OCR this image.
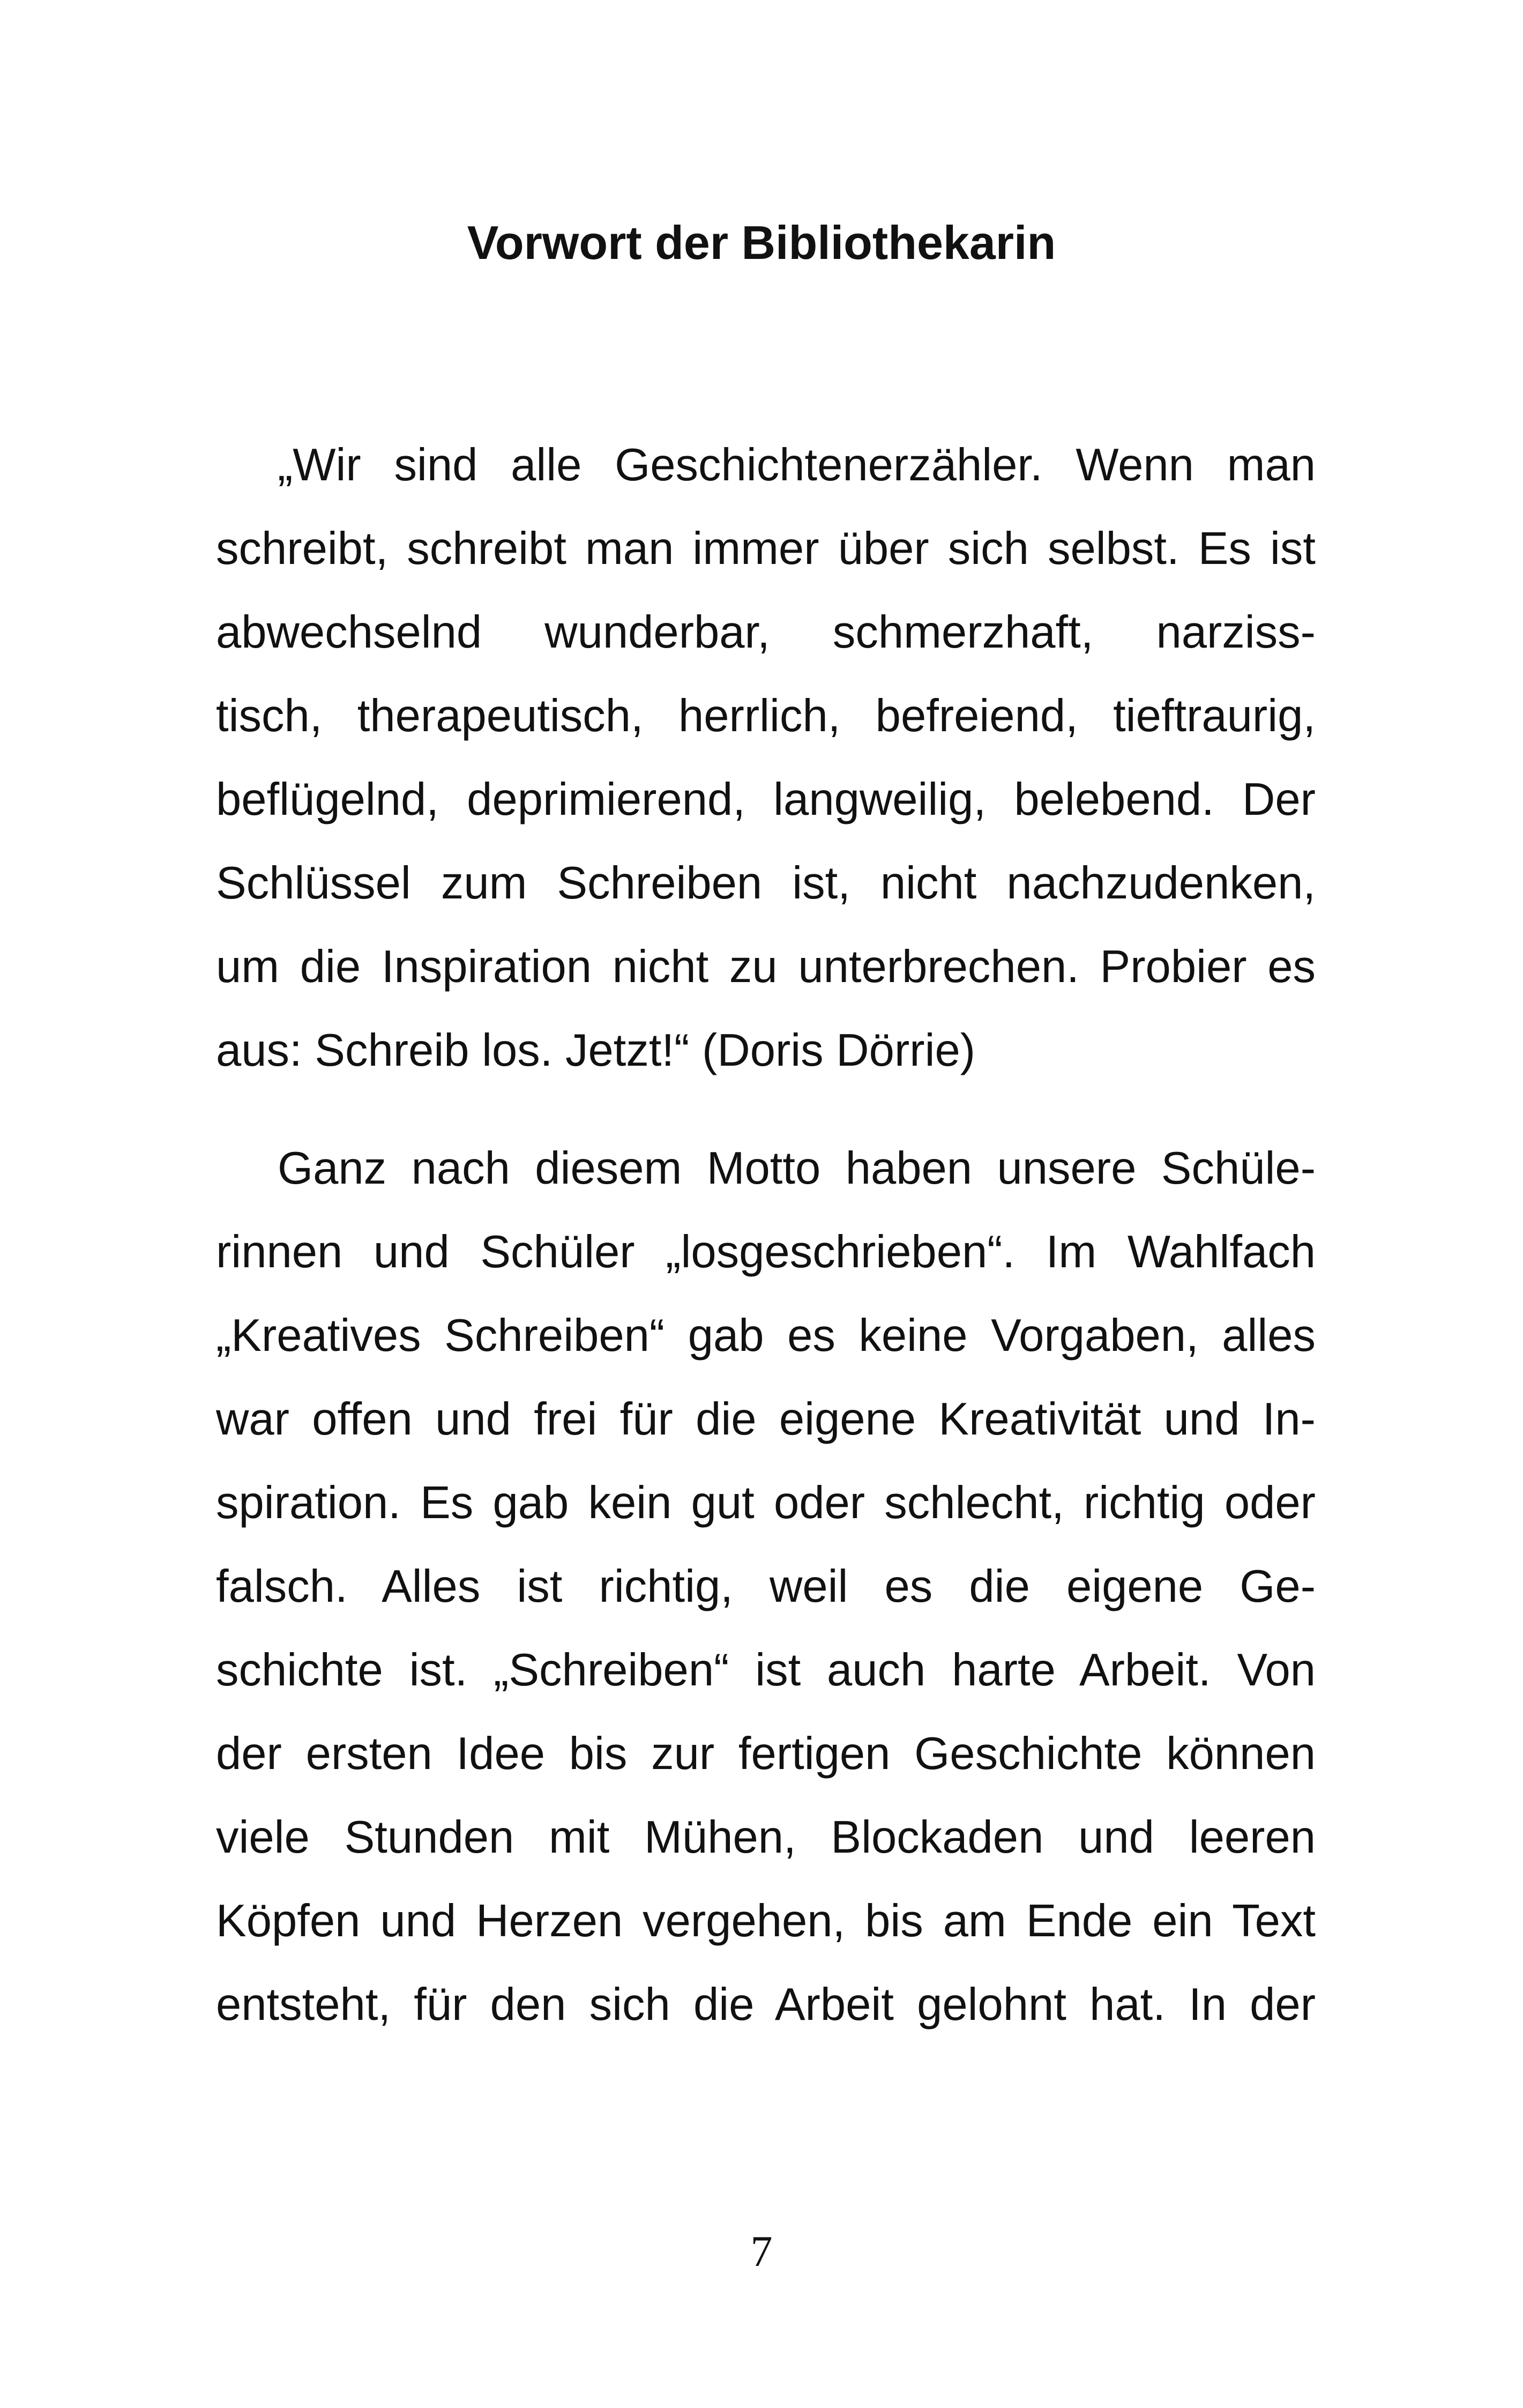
Vorwort der Bibliothekarin
„Wir sind alle Geschichtenerzähler. Wenn man
schreibt, schreibt man immer über sich selbst. Es ist
abwechselnd wunderbar, schmerzhaft, narziss-
tisch, therapeutisch, herrlich, befreiend, tieftraurig,
beflügelnd, deprimierend, langweilig, belebend. Der
Schlüssel zum Schreiben ist, nicht nachzudenken,
um die Inspiration nicht zu unterbrechen. Probier es
aus: Schreib los. Jetzt!“ (Doris Dörrie)
Ganz nach diesem Motto haben unsere Schüle-
rinnen und Schüler „losgeschrieben“. Im Wahlfach
„Kreatives Schreiben“ gab es keine Vorgaben, alles
war offen und frei für die eigene Kreativität und In-
spiration. Es gab kein gut oder schlecht, richtig oder
falsch. Alles ist richtig, weil es die eigene Ge-
schichte ist. „Schreiben“ ist auch harte Arbeit. Von
der ersten Idee bis zur fertigen Geschichte können
viele Stunden mit Mühen, Blockaden und leeren
Köpfen und Herzen vergehen, bis am Ende ein Text
entsteht, für den sich die Arbeit gelohnt hat. In der

7
